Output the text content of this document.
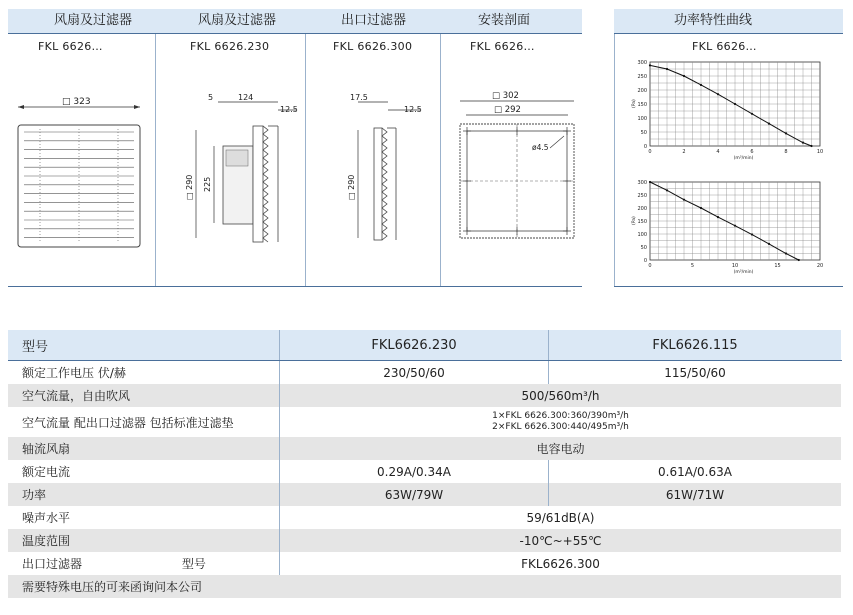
风扇及过滤器	风扇及过滤器	出口过滤器	安装剖面	功率特性曲线
FKL 6626…	FKL 6626.230	FKL 6626.300	FKL 6626…	FKL 6626…
□ 323	5	124
12.5
□ 290 225
17.5
12.5
□ 290
□ 302
□ 292
ø4.5	0
50
100
150
200
250
300
0	2	4	6	8	10
(m³/min)
(Pa)
0
50
100
150
200
250
300
0	5	10	15	20
(m³/min)
(Pa)
型号	FKL6626.230	FKL6626.115
额定工作电压 伏/赫	230/50/60	115/50/60
空气流量，自由吹风	500/560m³/h	
空气流量 配出口过滤器 包括标准过滤垫	1×FKL 6626.300:360/390m³/h
2×FKL 6626.300:440/495m³/h	

轴流风扇	电容电动	
额定电流	0.29A/0.34A	0.61A/0.63A
功率	63W/79W	61W/71W
噪声水平	59/61dB(A)	
温度范围	-10℃~+55℃	
出口过滤器 型号	FKL6626.300	
需要特殊电压的可来函询问本公司		
